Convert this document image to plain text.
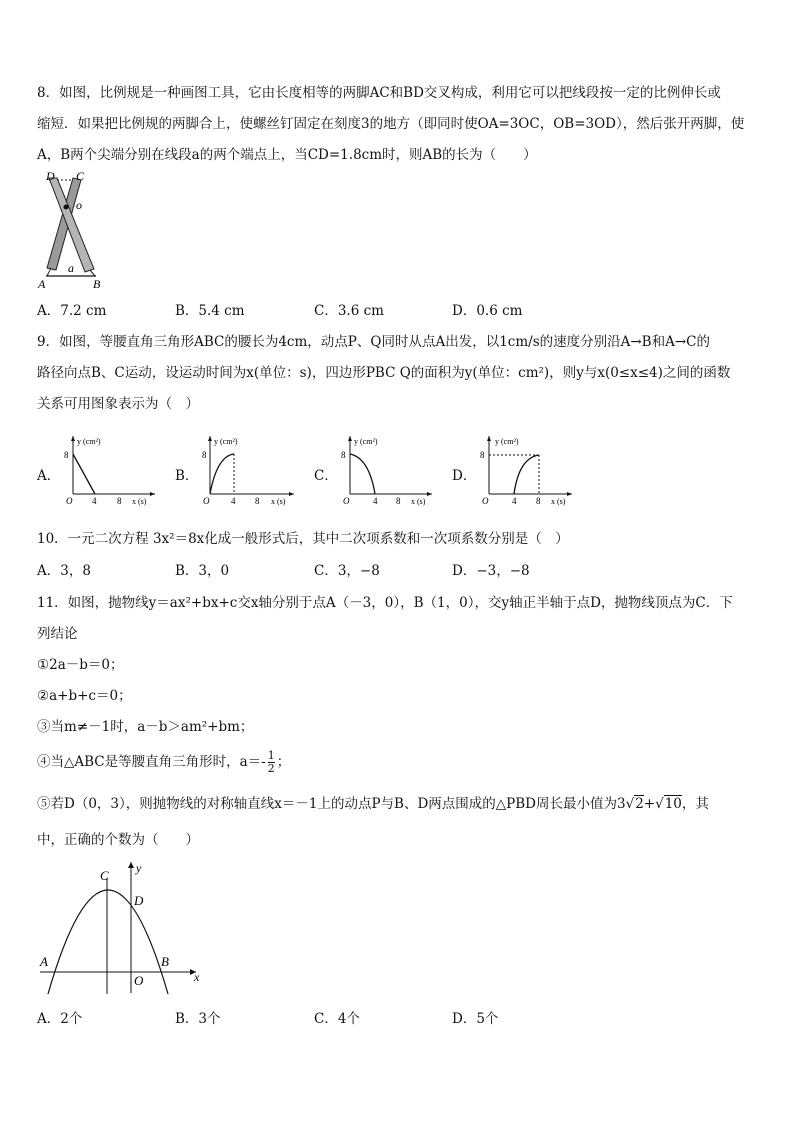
8．如图，比例规是一种画图工具，它由长度相等的两脚AC和BD交叉构成，利用它可以把线段按一定的比例伸长或
缩短．如果把比例规的两脚合上，使螺丝钉固定在刻度3的地方（即同时使OA=3OC，OB=3OD），然后张开两脚，使
A，B两个尖端分别在线段a的两个端点上，当CD=1.8cm时，则AB的长为（　　）
D C
o
a
A	B
A．7.2 cm	B．5.4 cm	C．3.6 cm	D．0.6 cm
9．如图，等腰直角三角形ABC的腰长为4cm，动点P、Q同时从点A出发，以1cm/s的速度分别沿A→B和A→C的
路径向点B、C运动，设运动时间为x(单位：s)，四边形PBC Q的面积为y(单位：cm²)，则y与x(0≤x≤4)之间的函数
关系可用图象表示为（　）
A．
y (cm²)
8
O 4 8 x (s)
B．
y (cm²)
8
O 4 8 x (s)
C．
y (cm²)
8
O	4 8 x (s)
D．
y (cm²)
8
O	4 8 x (s)
10．一元二次方程 3x²＝8x化成一般形式后，其中二次项系数和一次项系数分别是（　）
A．3，8	B．3，0	C．3，−8	D．−3，−8
11．如图，抛物线y＝ax²+bx+c交x轴分别于点A（－3，0），B（1，0），交y轴正半轴于点D，抛物线顶点为C．下
列结论
①2a－b＝0；
②a+b+c＝0；
③当m≠－1时，a－b＞am²+bm；
④当△ABC是等腰直角三角形时，$a=- \frac{1}{2}$ ；
⑤若D（0，3），则抛物线的对称轴直线x＝－1上的动点P与B、D两点围成的△PBD周长最小值为3√2+√10，其
中，正确的个数为（　　）
C y
D
A	B
x
O
A．2个	B．3个	C．4个	D．5个
